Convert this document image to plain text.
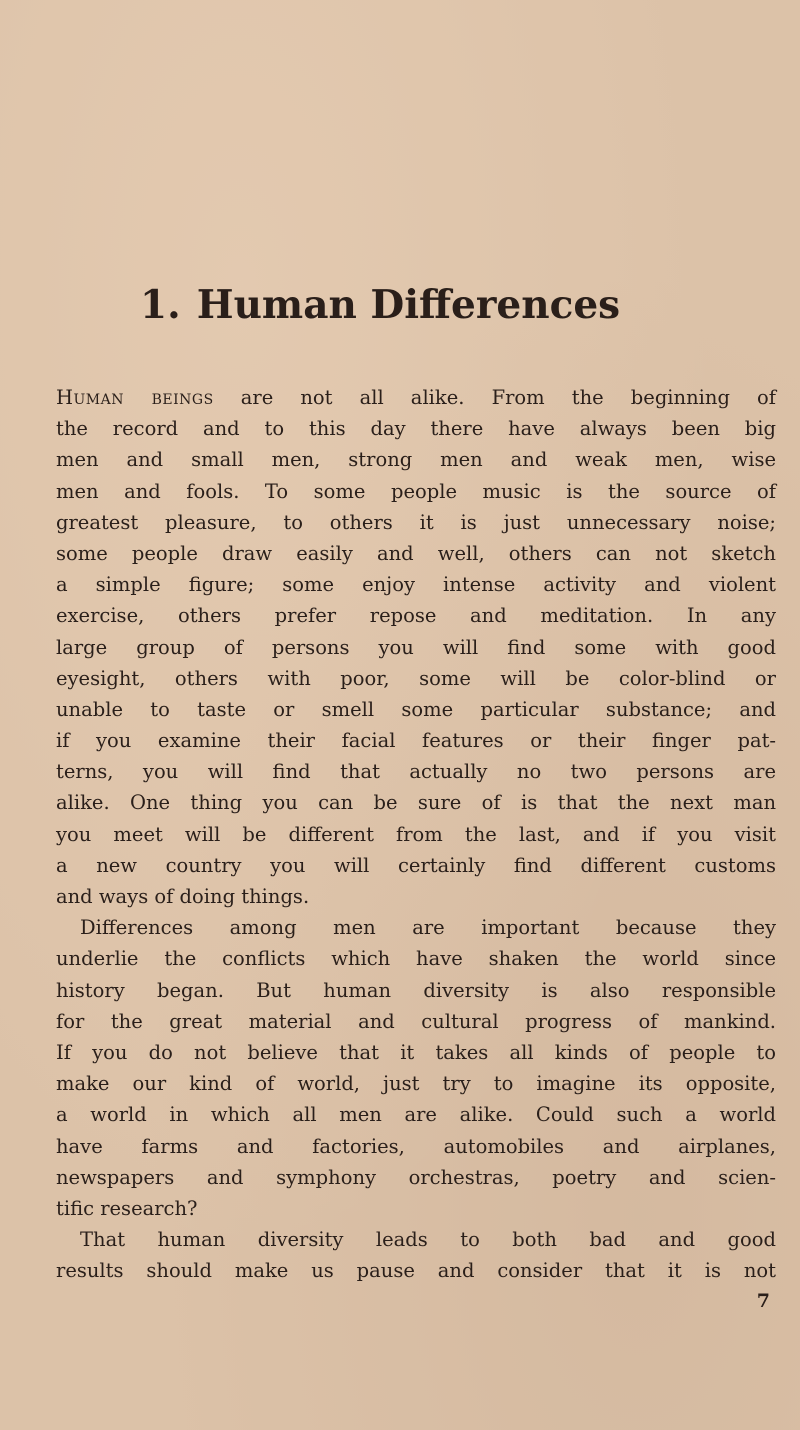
1. Human Differences
Human beings are not all alike. From the beginning of
the record and to this day there have always been big
men and small men, strong men and weak men, wise
men and fools. To some people music is the source of
greatest pleasure, to others it is just unnecessary noise;
some people draw easily and well, others can not sketch
a simple figure; some enjoy intense activity and violent
exercise, others prefer repose and meditation. In any
large group of persons you will find some with good
eyesight, others with poor, some will be color-blind or
unable to taste or smell some particular substance; and
if you examine their facial features or their finger pat-
terns, you will find that actually no two persons are
alike. One thing you can be sure of is that the next man
you meet will be different from the last, and if you visit
a new country you will certainly find different customs
and ways of doing things.
Differences among men are important because they
underlie the conflicts which have shaken the world since
history began. But human diversity is also responsible
for the great material and cultural progress of mankind.
If you do not believe that it takes all kinds of people to
make our kind of world, just try to imagine its opposite,
a world in which all men are alike. Could such a world
have farms and factories, automobiles and airplanes,
newspapers and symphony orchestras, poetry and scien-
tific research?
That human diversity leads to both bad and good
results should make us pause and consider that it is not
7
